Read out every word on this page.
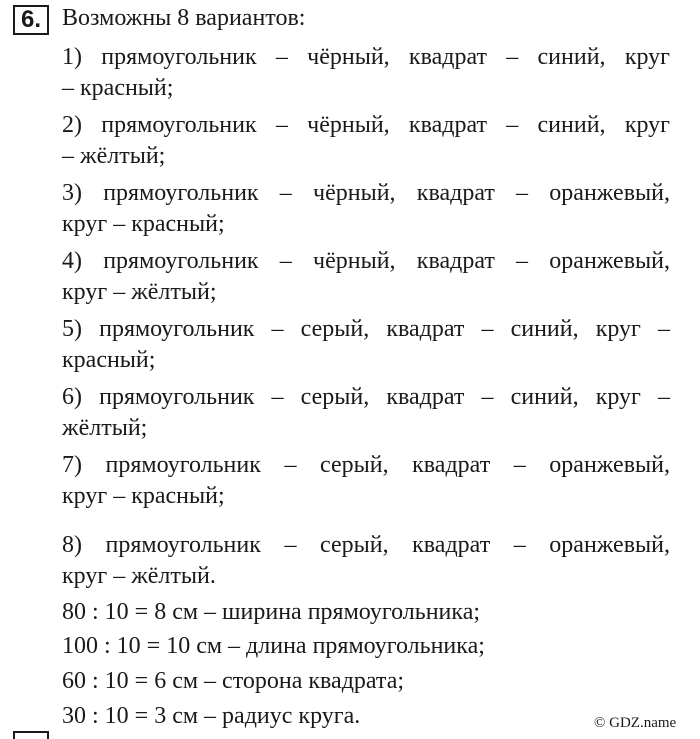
6. Возможны 8 вариантов:
1) прямоугольник – чёрный, квадрат – синий, круг
– красный;
2) прямоугольник – чёрный, квадрат – синий, круг
– жёлтый;
3) прямоугольник – чёрный, квадрат – оранжевый,
круг – красный;
4) прямоугольник – чёрный, квадрат – оранжевый,
круг – жёлтый;
5) прямоугольник – серый, квадрат – синий, круг –
красный;
6) прямоугольник – серый, квадрат – синий, круг –
жёлтый;
7) прямоугольник – серый, квадрат – оранжевый,
круг – красный;
8) прямоугольник – серый, квадрат – оранжевый,
круг – жёлтый.
80 : 10 = 8 см – ширина прямоугольника;
100 : 10 = 10 см – длина прямоугольника;
60 : 10 = 6 см – сторона квадрата;
30 : 10 = 3 см – радиус круга.	© GDZ.name
